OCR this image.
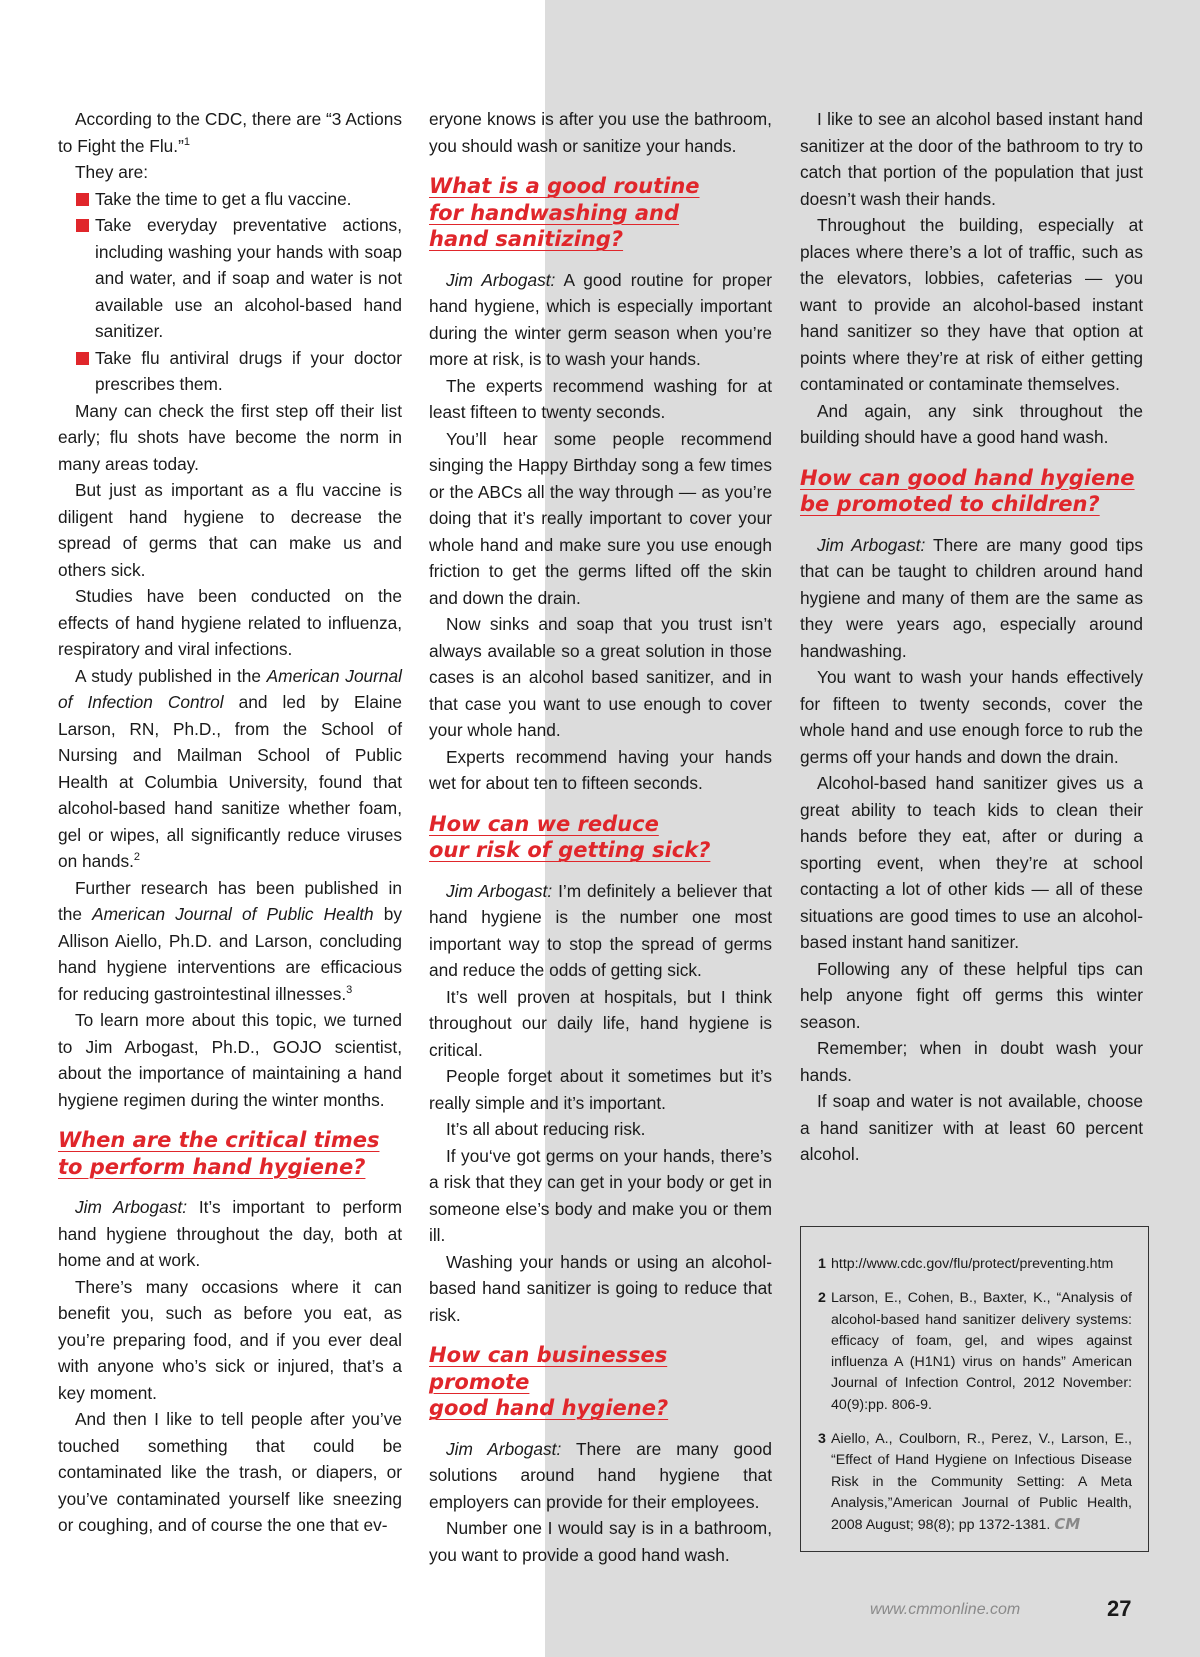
According to the CDC, there are “3 Actions to Fight the Flu.”$^1$

They are:

Take the time to get a flu vaccine.
Take everyday preventative actions, including washing your hands with soap and water, and if soap and water is not available use an alcohol-based hand sanitizer.
Take flu antiviral drugs if your doctor prescribes them.

Many can check the first step off their list early; flu shots have become the norm in many areas today.

But just as important as a flu vaccine is diligent hand hygiene to decrease the spread of germs that can make us and others sick.

Studies have been conducted on the effects of hand hygiene related to influenza, respiratory and viral infections.

A study published in the American Journal of Infection Control and led by Elaine Larson, RN, Ph.D., from the School of Nursing and Mailman School of Public Health at Columbia University, found that alcohol-based hand sanitize whether foam, gel or wipes, all significantly reduce viruses on hands.$^2$

Further research has been published in the American Journal of Public Health by Allison Aiello, Ph.D. and Larson, concluding hand hygiene interventions are efficacious for reducing gastrointestinal illnesses.$^3$

To learn more about this topic, we turned to Jim Arbogast, Ph.D., GOJO scientist, about the importance of maintaining a hand hygiene regimen during the winter months.

When are the critical times
to perform hand hygiene?

Jim Arbogast: It’s important to perform hand hygiene throughout the day, both at home and at work.

There’s many occasions where it can benefit you, such as before you eat, as you’re preparing food, and if you ever deal with anyone who’s sick or injured, that’s a key moment.

And then I like to tell people after you’ve touched something that could be contaminated like the trash, or diapers, or you’ve contaminated yourself like sneezing or coughing, and of course the one that ev-

eryone knows is after you use the bathroom, you should wash or sanitize your hands.

What is a good routine
for handwashing and
hand sanitizing?

Jim Arbogast: A good routine for proper hand hygiene, which is especially important during the winter germ season when you’re more at risk, is to wash your hands.

The experts recommend washing for at least fifteen to twenty seconds.

You’ll hear some people recommend singing the Happy Birthday song a few times or the ABCs all the way through — as you’re doing that it’s really important to cover your whole hand and make sure you use enough friction to get the germs lifted off the skin and down the drain.

Now sinks and soap that you trust isn’t always available so a great solution in those cases is an alcohol based sanitizer, and in that case you want to use enough to cover your whole hand.

Experts recommend having your hands wet for about ten to fifteen seconds.

How can we reduce
our risk of getting sick?

Jim Arbogast: I’m definitely a believer that hand hygiene is the number one most important way to stop the spread of germs and reduce the odds of getting sick.

It’s well proven at hospitals, but I think throughout our daily life, hand hygiene is critical.

People forget about it sometimes but it’s really simple and it’s important.

It’s all about reducing risk.

If you‘ve got germs on your hands, there’s a risk that they can get in your body or get in someone else’s body and make you or them ill.

Washing your hands or using an alcohol-based hand sanitizer is going to reduce that risk.

How can businesses promote
good hand hygiene?

Jim Arbogast: There are many good solutions around hand hygiene that employers can provide for their employees.

Number one I would say is in a bathroom, you want to provide a good hand wash.

I like to see an alcohol based instant hand sanitizer at the door of the bathroom to try to catch that portion of the population that just doesn’t wash their hands.

Throughout the building, especially at places where there’s a lot of traffic, such as the elevators, lobbies, cafeterias — you want to provide an alcohol-based instant hand sanitizer so they have that option at points where they’re at risk of either getting contaminated or contaminate themselves.

And again, any sink throughout the building should have a good hand wash.

How can good hand hygiene
be promoted to children?

Jim Arbogast: There are many good tips that can be taught to children around hand hygiene and many of them are the same as they were years ago, especially around handwashing.

You want to wash your hands effectively for fifteen to twenty seconds, cover the whole hand and use enough force to rub the germs off your hands and down the drain.

Alcohol-based hand sanitizer gives us a great ability to teach kids to clean their hands before they eat, after or during a sporting event, when they’re at school contacting a lot of other kids — all of these situations are good times to use an alcohol-based instant hand sanitizer.

Following any of these helpful tips can help anyone fight off germs this winter season.

Remember; when in doubt wash your hands.

If soap and water is not available, choose a hand sanitizer with at least 60 percent alcohol.

1 http://www.cdc.gov/flu/protect/preventing.htm
2 Larson, E., Cohen, B., Baxter, K., “Analysis of alcohol-based hand sanitizer delivery systems: efficacy of foam, gel, and wipes against influenza A (H1N1) virus on hands” American Journal of Infection Control, 2012 November: 40(9):pp. 806-9.
3 Aiello, A., Coulborn, R., Perez, V., Larson, E., “Effect of Hand Hygiene on Infectious Disease Risk in the Community Setting: A Meta Analysis,”American Journal of Public Health, 2008 August; 98(8); pp 1372-1381. CM
www.cmmonline.com	27
